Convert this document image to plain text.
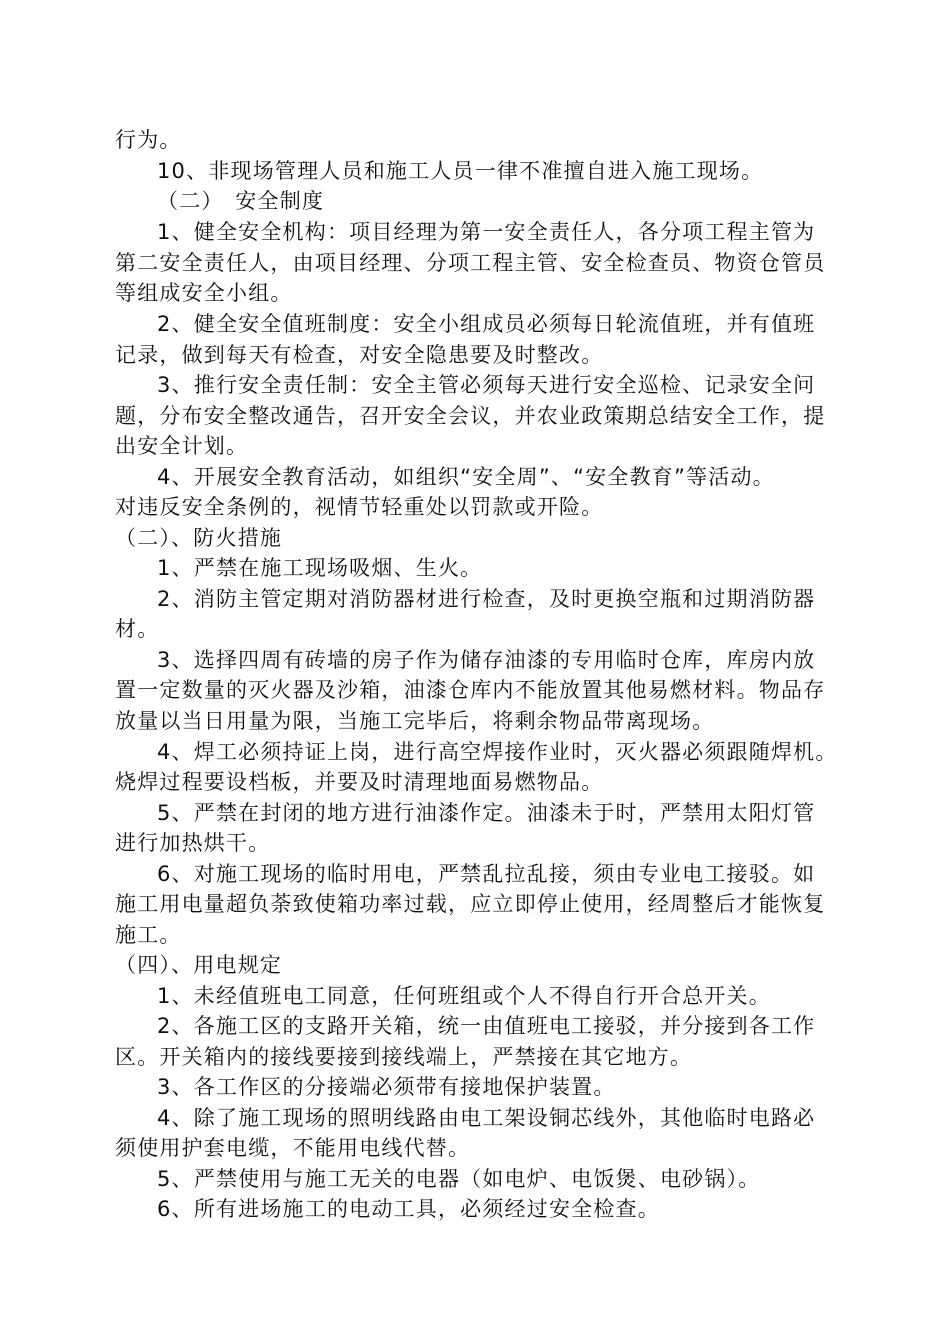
行为。
10、非现场管理人员和施工人员一律不准擅自进入施工现场。
（二）　安全制度
1、健全安全机构：项目经理为第一安全责任人，各分项工程主管为
第二安全责任人，由项目经理、分项工程主管、安全检查员、物资仓管员
等组成安全小组。
2、健全安全值班制度：安全小组成员必须每日轮流值班，并有值班
记录，做到每天有检查，对安全隐患要及时整改。
3、推行安全责任制：安全主管必须每天进行安全巡检、记录安全问
题，分布安全整改通告，召开安全会议，并农业政策期总结安全工作，提
出安全计划。
4、开展安全教育活动，如组织“安全周”、“安全教育”等活动。
对违反安全条例的，视情节轻重处以罚款或开险。
（二）、防火措施
1、严禁在施工现场吸烟、生火。
2、消防主管定期对消防器材进行检查，及时更换空瓶和过期消防器
材。
3、选择四周有砖墙的房子作为储存油漆的专用临时仓库，库房内放
置一定数量的灭火器及沙箱，油漆仓库内不能放置其他易燃材料。物品存
放量以当日用量为限，当施工完毕后，将剩余物品带离现场。
4、焊工必须持证上岗，进行高空焊接作业时，灭火器必须跟随焊机。
烧焊过程要设档板，并要及时清理地面易燃物品。
5、严禁在封闭的地方进行油漆作定。油漆未于时，严禁用太阳灯管
进行加热烘干。
6、对施工现场的临时用电，严禁乱拉乱接，须由专业电工接驳。如
施工用电量超负荼致使箱功率过载，应立即停止使用，经周整后才能恢复
施工。
（四）、用电规定
1、未经值班电工同意，任何班组或个人不得自行开合总开关。
2、各施工区的支路开关箱，统一由值班电工接驳，并分接到各工作
区。开关箱内的接线要接到接线端上，严禁接在其它地方。
3、各工作区的分接端必须带有接地保护装置。
4、除了施工现场的照明线路由电工架设铜芯线外，其他临时电路必
须使用护套电缆，不能用电线代替。
5、严禁使用与施工无关的电器（如电炉、电饭煲、电砂锅）。
6、所有进场施工的电动工具，必须经过安全检查。
